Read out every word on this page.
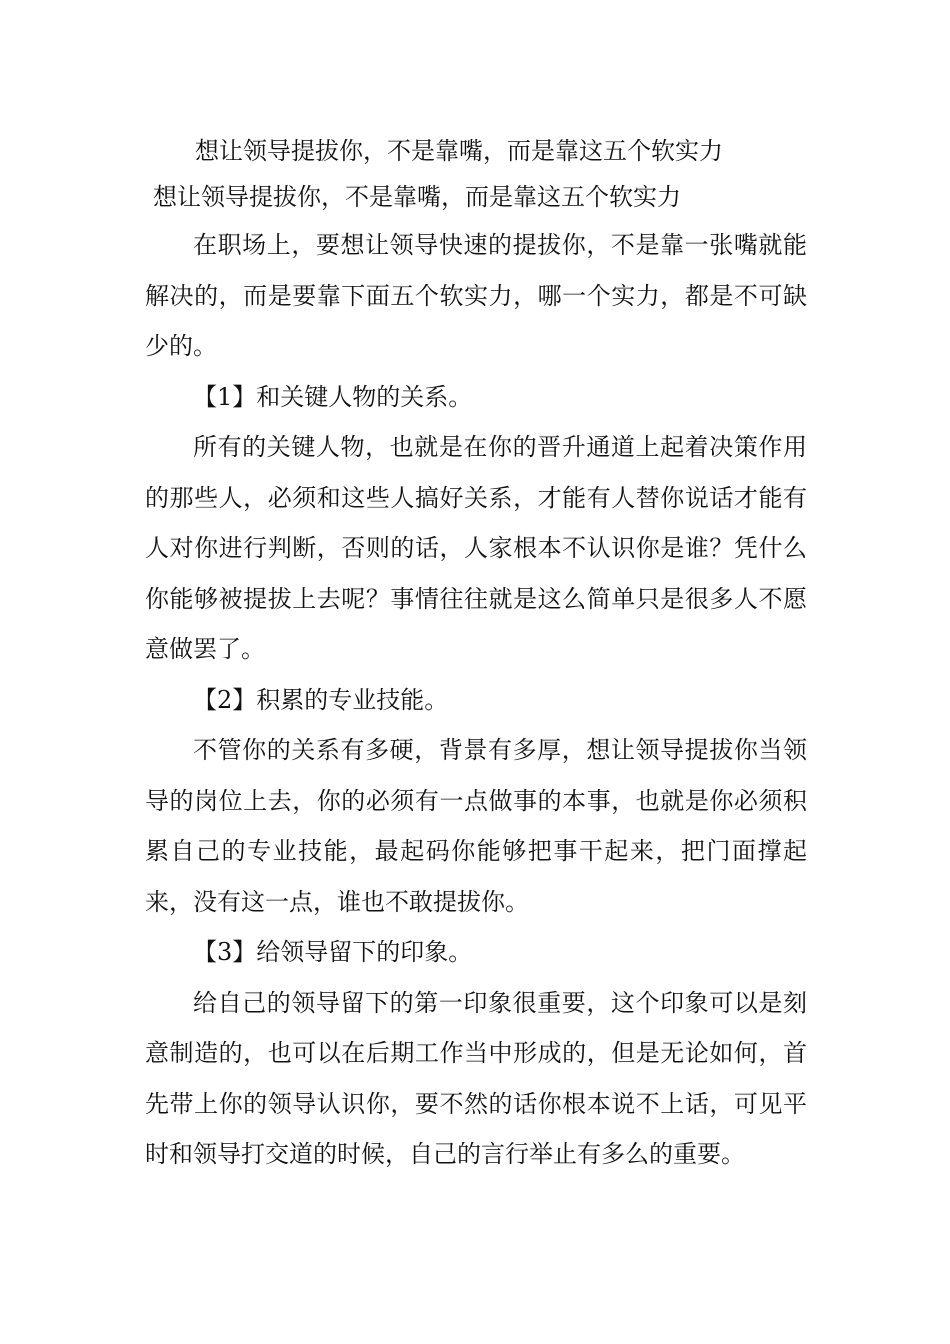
想让领导提拔你，不是靠嘴，而是靠这五个软实力
想让领导提拔你，不是靠嘴，而是靠这五个软实力

在职场上，要想让领导快速的提拔你，不是靠一张嘴就能解决的，而是要靠下面五个软实力，哪一个实力，都是不可缺少的。

【1】和关键人物的关系。

所有的关键人物，也就是在你的晋升通道上起着决策作用的那些人，必须和这些人搞好关系，才能有人替你说话才能有人对你进行判断，否则的话，人家根本不认识你是谁？凭什么你能够被提拔上去呢？事情往往就是这么简单只是很多人不愿意做罢了。

【2】积累的专业技能。

不管你的关系有多硬，背景有多厚，想让领导提拔你当领导的岗位上去，你的必须有一点做事的本事，也就是你必须积累自己的专业技能，最起码你能够把事干起来，把门面撑起来，没有这一点，谁也不敢提拔你。

【3】给领导留下的印象。

给自己的领导留下的第一印象很重要，这个印象可以是刻意制造的，也可以在后期工作当中形成的，但是无论如何，首先带上你的领导认识你，要不然的话你根本说不上话，可见平时和领导打交道的时候，自己的言行举止有多么的重要。
